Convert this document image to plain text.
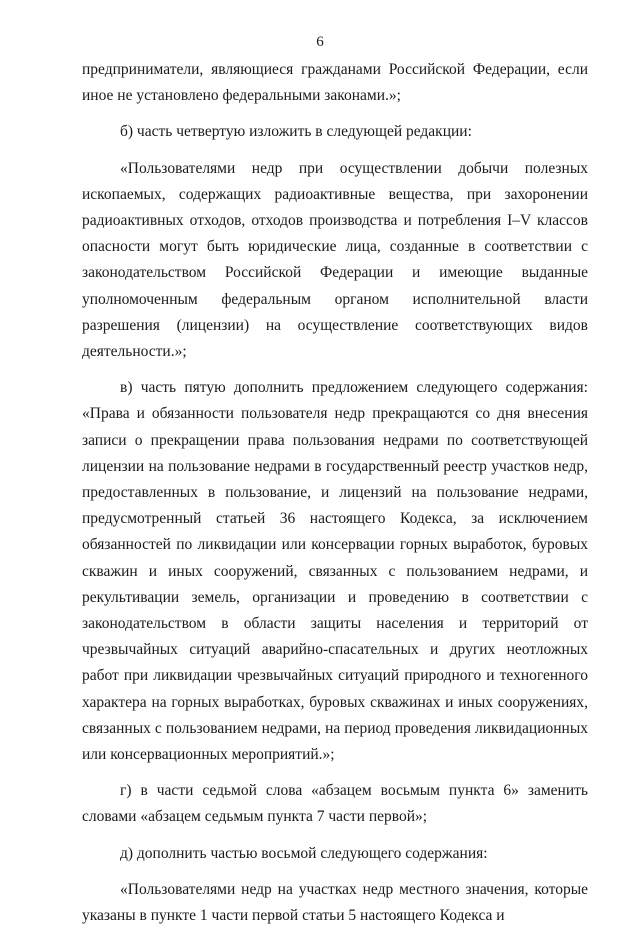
6

предприниматели, являющиеся гражданами Российской Федерации, если иное не установлено федеральными законами.»;

б) часть четвертую изложить в следующей редакции:

«Пользователями недр при осуществлении добычи полезных ископаемых, содержащих радиоактивные вещества, при захоронении радиоактивных отходов, отходов производства и потребления I–V классов опасности могут быть юридические лица, созданные в соответствии с законодательством Российской Федерации и имеющие выданные уполномоченным федеральным органом исполнительной власти разрешения (лицензии) на осуществление соответствующих видов деятельности.»;

в) часть пятую дополнить предложением следующего содержания: «Права и обязанности пользователя недр прекращаются со дня внесения записи о прекращении права пользования недрами по соответствующей лицензии на пользование недрами в государственный реестр участков недр, предоставленных в пользование, и лицензий на пользование недрами, предусмотренный статьей 36 настоящего Кодекса, за исключением обязанностей по ликвидации или консервации горных выработок, буровых скважин и иных сооружений, связанных с пользованием недрами, и рекультивации земель, организации и проведению в соответствии с законодательством в области защиты населения и территорий от чрезвычайных ситуаций аварийно-спасательных и других неотложных работ при ликвидации чрезвычайных ситуаций природного и техногенного характера на горных выработках, буровых скважинах и иных сооружениях, связанных с пользованием недрами, на период проведения ликвидационных или консервационных мероприятий.»;

г) в части седьмой слова «абзацем восьмым пункта 6» заменить словами «абзацем седьмым пункта 7 части первой»;

д) дополнить частью восьмой следующего содержания:

«Пользователями недр на участках недр местного значения, которые указаны в пункте 1 части первой статьи 5 настоящего Кодекса и
